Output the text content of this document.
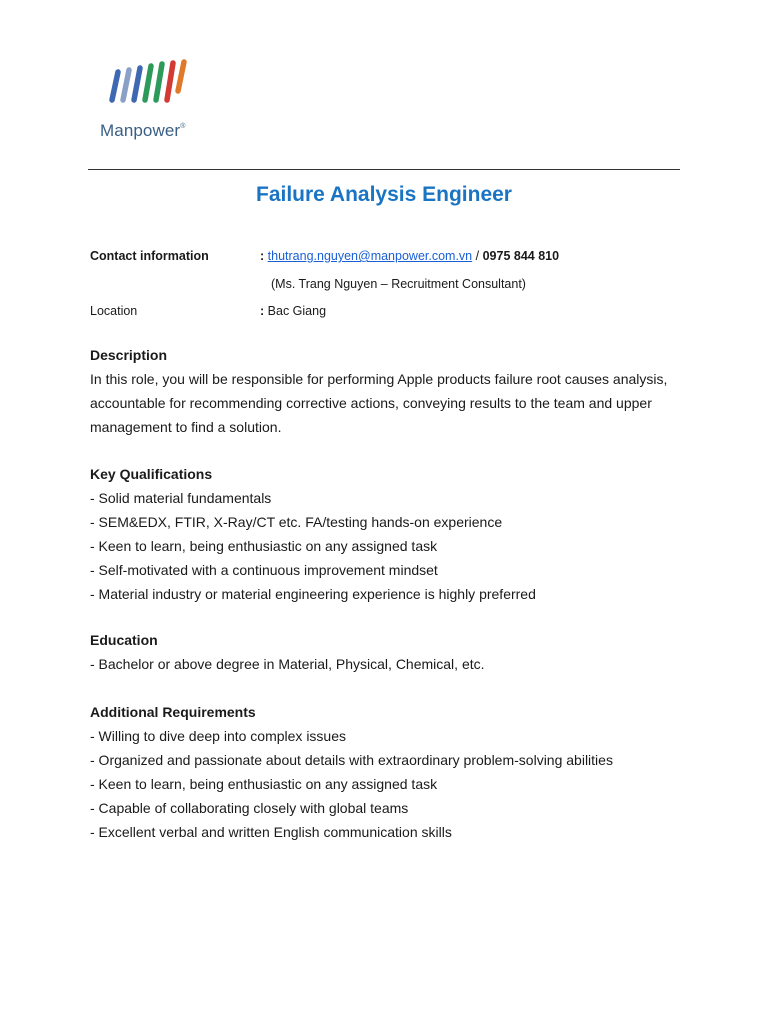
Manpower®
Failure Analysis Engineer
Contact information	: thutrang.nguyen@manpower.com.vn / 0975 844 810
(Ms. Trang Nguyen – Recruitment Consultant)
Location	: Bac Giang
Description

In this role, you will be responsible for performing Apple products failure root causes analysis,

accountable for recommending corrective actions, conveying results to the team and upper

management to find a solution.

Key Qualifications
- Solid material fundamentals
- SEM&EDX, FTIR, X-Ray/CT etc. FA/testing hands-on experience
- Keen to learn, being enthusiastic on any assigned task
- Self-motivated with a continuous improvement mindset
- Material industry or material engineering experience is highly preferred
Education
- Bachelor or above degree in Material, Physical, Chemical, etc.
Additional Requirements
- Willing to dive deep into complex issues
- Organized and passionate about details with extraordinary problem-solving abilities
- Keen to learn, being enthusiastic on any assigned task
- Capable of collaborating closely with global teams
- Excellent verbal and written English communication skills
